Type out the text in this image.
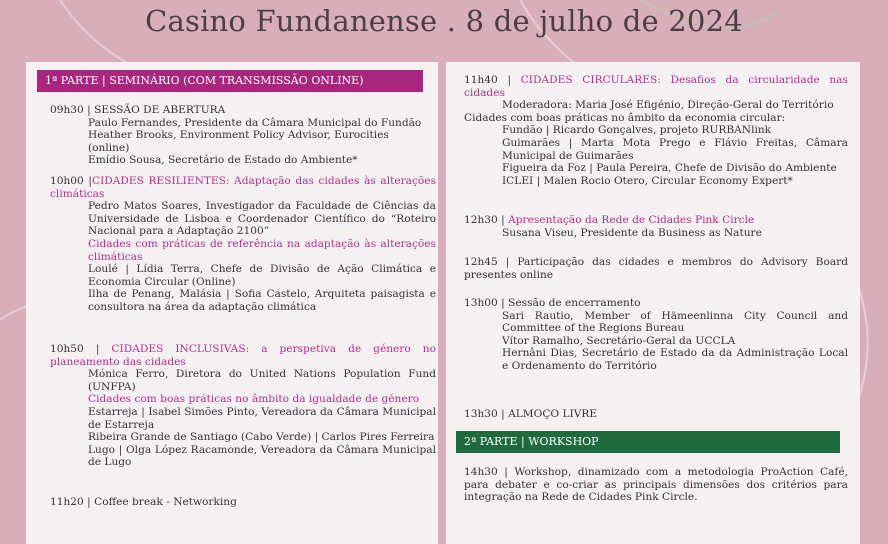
Casino Fundanense . 8 de julho de 2024
1ª PARTE | SEMINÁRIO (COM TRANSMISSÃO ONLINE)

09h30 | SESSÃO DE ABERTURA

Paulo Fernandes, Presidente da Câmara Municipal do Fundão

Heather Brooks, Environment Policy Advisor, Eurocities (online)

Emídio Sousa, Secretário de Estado do Ambiente*

10h00 |CIDADES RESILIENTES: Adaptação das cidades às alterações climáticas

Pedro Matos Soares, Investigador da Faculdade de Ciências da Universidade de Lisboa e Coordenador Científico do “Roteiro Nacional para a Adaptação 2100”

Cidades com práticas de referência na adaptação às alterações climáticas

Loulé | Lídia Terra, Chefe de Divisão de Ação Climática e Economia Circular (Online)

Ilha de Penang, Malásia | Sofia Castelo, Arquiteta paisagista e consultora na área da adaptação climática

10h50 | CIDADES INCLUSIVAS: a perspetiva de género no planeamento das cidades

Mónica Ferro, Diretora do United Nations Population Fund (UNFPA)

Cidades com boas práticas no âmbito da igualdade de género

Estarreja | Isabel Simões Pinto, Vereadora da Câmara Municipal de Estarreja

Ribeira Grande de Santiago (Cabo Verde) | Carlos Pires Ferreira

Lugo | Olga López Racamonde, Vereadora da Câmara Municipal de Lugo

11h20 | Coffee break - Networking

11h40 | CIDADES CIRCULARES: Desafios da circularidade nas cidades

Moderadora: Maria José Efigénio, Direção-Geral do Território

Cidades com boas práticas no âmbito da economia circular:

Fundão | Ricardo Gonçalves, projeto RURBANlink

Guimarães | Marta Mota Prego e Flávio Freitas, Câmara Municipal de Guimarães

Figueira da Foz | Paula Pereira, Chefe de Divisão do Ambiente

ICLEI | Malen Rocio Otero, Circular Economy Expert*

12h30 | Apresentação da Rede de Cidades Pink Circle

Susana Viseu, Presidente da Business as Nature

12h45 | Participação das cidades e membros do Advisory Board presentes online

13h00 | Sessão de encerramento

Sari Rautio, Member of Hämeenlinna City Council and Committee of the Regions Bureau

Vítor Ramalho, Secretário-Geral da UCCLA

Hernâni Dias, Secretário de Estado da da Administração Local e Ordenamento do Território

13h30 | ALMOÇO LIVRE

2ª PARTE | WORKSHOP

14h30 | Workshop, dinamizado com a metodologia ProAction Café, para debater e co-criar as principais dimensões dos critérios para integração na Rede de Cidades Pink Circle.
